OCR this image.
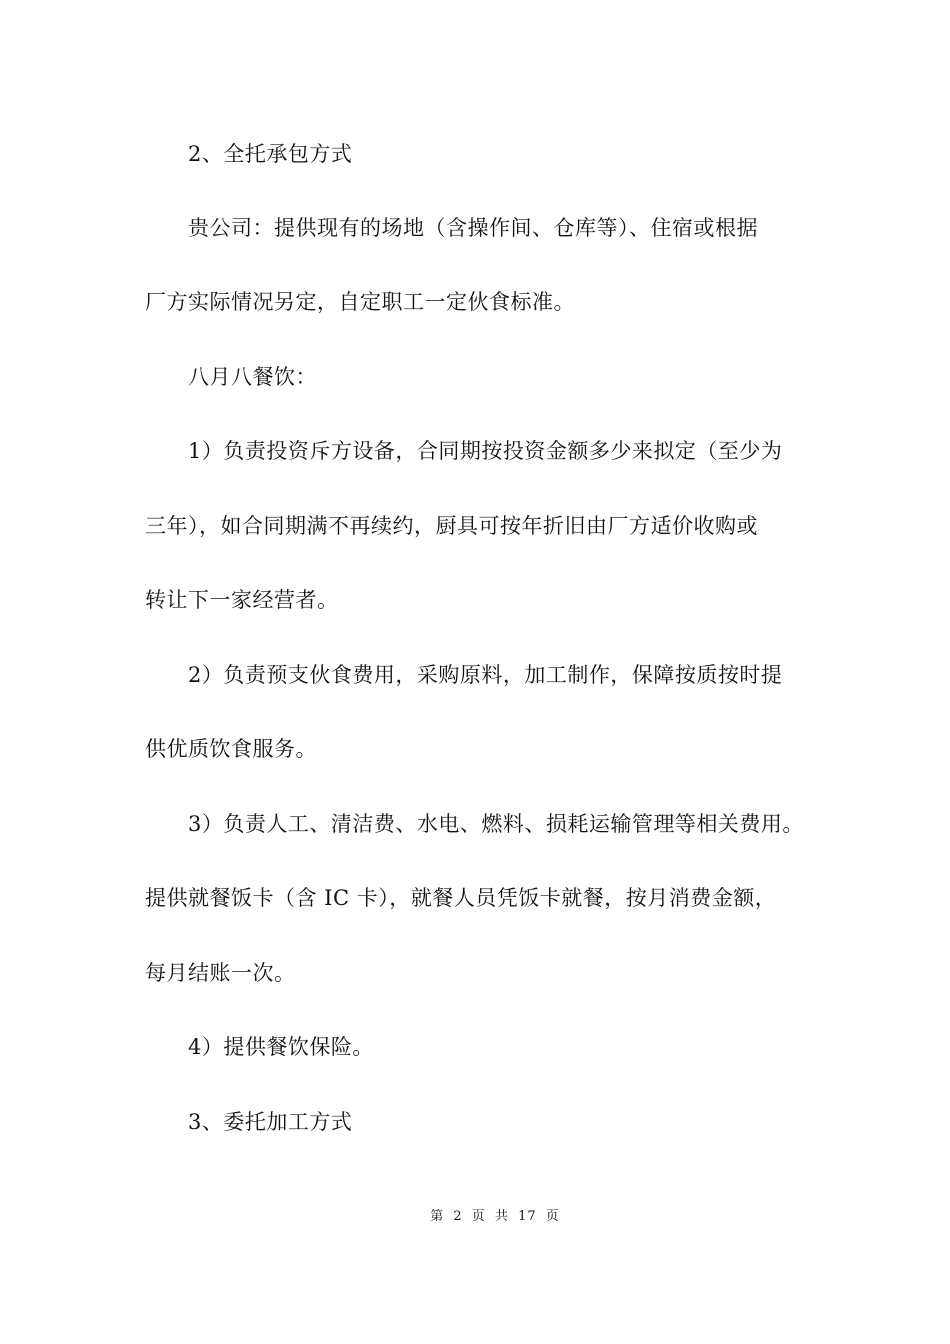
2、全托承包方式
贵公司：提供现有的场地（含操作间、仓库等）、住宿或根据
厂方实际情况另定，自定职工一定伙食标准。
八月八餐饮：
1）负责投资斥方设备，合同期按投资金额多少来拟定（至少为
三年），如合同期满不再续约，厨具可按年折旧由厂方适价收购或
转让下一家经营者。
2）负责预支伙食费用，采购原料，加工制作，保障按质按时提
供优质饮食服务。
3）负责人工、清洁费、水电、燃料、损耗运输管理等相关费用。
提供就餐饭卡（含 IC 卡），就餐人员凭饭卡就餐，按月消费金额，
每月结账一次。
4）提供餐饮保险。
3、委托加工方式
第 2 页 共 17 页
